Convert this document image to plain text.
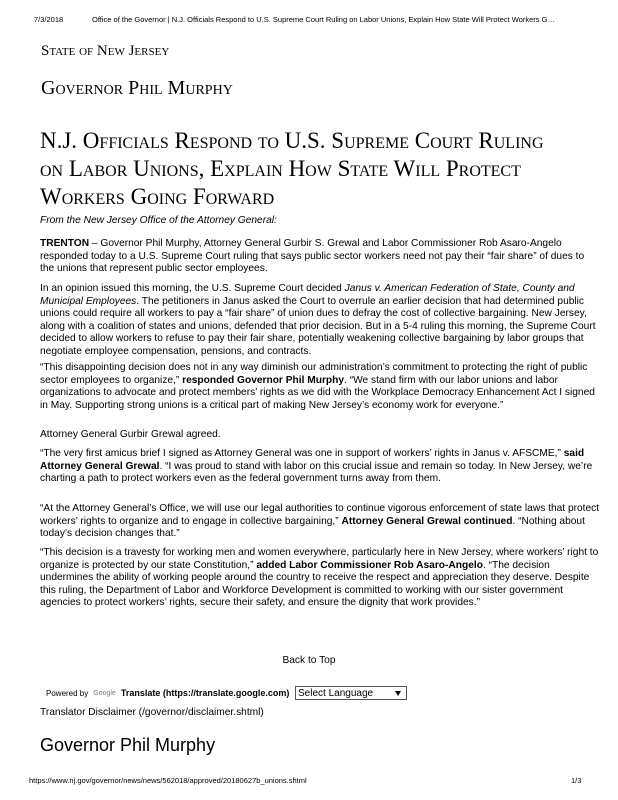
7/3/2018	Office of the Governor | N.J. Officials Respond to U.S. Supreme Court Ruling on Labor Unions, Explain How State Will Protect Workers G…
State of New Jersey
Governor Phil Murphy
N.J. Officials Respond to U.S. Supreme Court Ruling
on Labor Unions, Explain How State Will Protect
Workers Going Forward
From the New Jersey Office of the Attorney General:

TRENTON – Governor Phil Murphy, Attorney General Gurbir S. Grewal and Labor Commissioner Rob Asaro-Angelo responded today to a U.S. Supreme Court ruling that says public sector workers need not pay their “fair share” of dues to the unions that represent public sector employees.

In an opinion issued this morning, the U.S. Supreme Court decided Janus v. American Federation of State, County and Municipal Employees. The petitioners in Janus asked the Court to overrule an earlier decision that had determined public unions could require all workers to pay a “fair share” of union dues to defray the cost of collective bargaining. New Jersey, along with a coalition of states and unions, defended that prior decision. But in a 5-4 ruling this morning, the Supreme Court decided to allow workers to refuse to pay their fair share, potentially weakening collective bargaining by labor groups that negotiate employee compensation, pensions, and contracts.

“This disappointing decision does not in any way diminish our administration’s commitment to protecting the right of public sector employees to organize,” responded Governor Phil Murphy. “We stand firm with our labor unions and labor organizations to advocate and protect members’ rights as we did with the Workplace Democracy Enhancement Act I signed in May. Supporting strong unions is a critical part of making New Jersey’s economy work for everyone.”

Attorney General Gurbir Grewal agreed.

“The very first amicus brief I signed as Attorney General was one in support of workers’ rights in Janus v. AFSCME,” said Attorney General Grewal. “I was proud to stand with labor on this crucial issue and remain so today. In New Jersey, we’re charting a path to protect workers even as the federal government turns away from them.

“At the Attorney General’s Office, we will use our legal authorities to continue vigorous enforcement of state laws that protect workers’ rights to organize and to engage in collective bargaining,” Attorney General Grewal continued. “Nothing about today’s decision changes that.”

“This decision is a travesty for working men and women everywhere, particularly here in New Jersey, where workers’ right to organize is protected by our state Constitution,” added Labor Commissioner Rob Asaro-Angelo. “The decision undermines the ability of working people around the country to receive the respect and appreciation they deserve. Despite this ruling, the Department of Labor and Workforce Development is committed to working with our sister government agencies to protect workers’ rights, secure their safety, and ensure the dignity that work provides.”

Back to Top
Powered by Google Translate (https://translate.google.com) Select Language
Translator Disclaimer (/governor/disclaimer.shtml)
Governor Phil Murphy
https://www.nj.gov/governor/news/news/562018/approved/20180627b_unions.shtml	1/3
